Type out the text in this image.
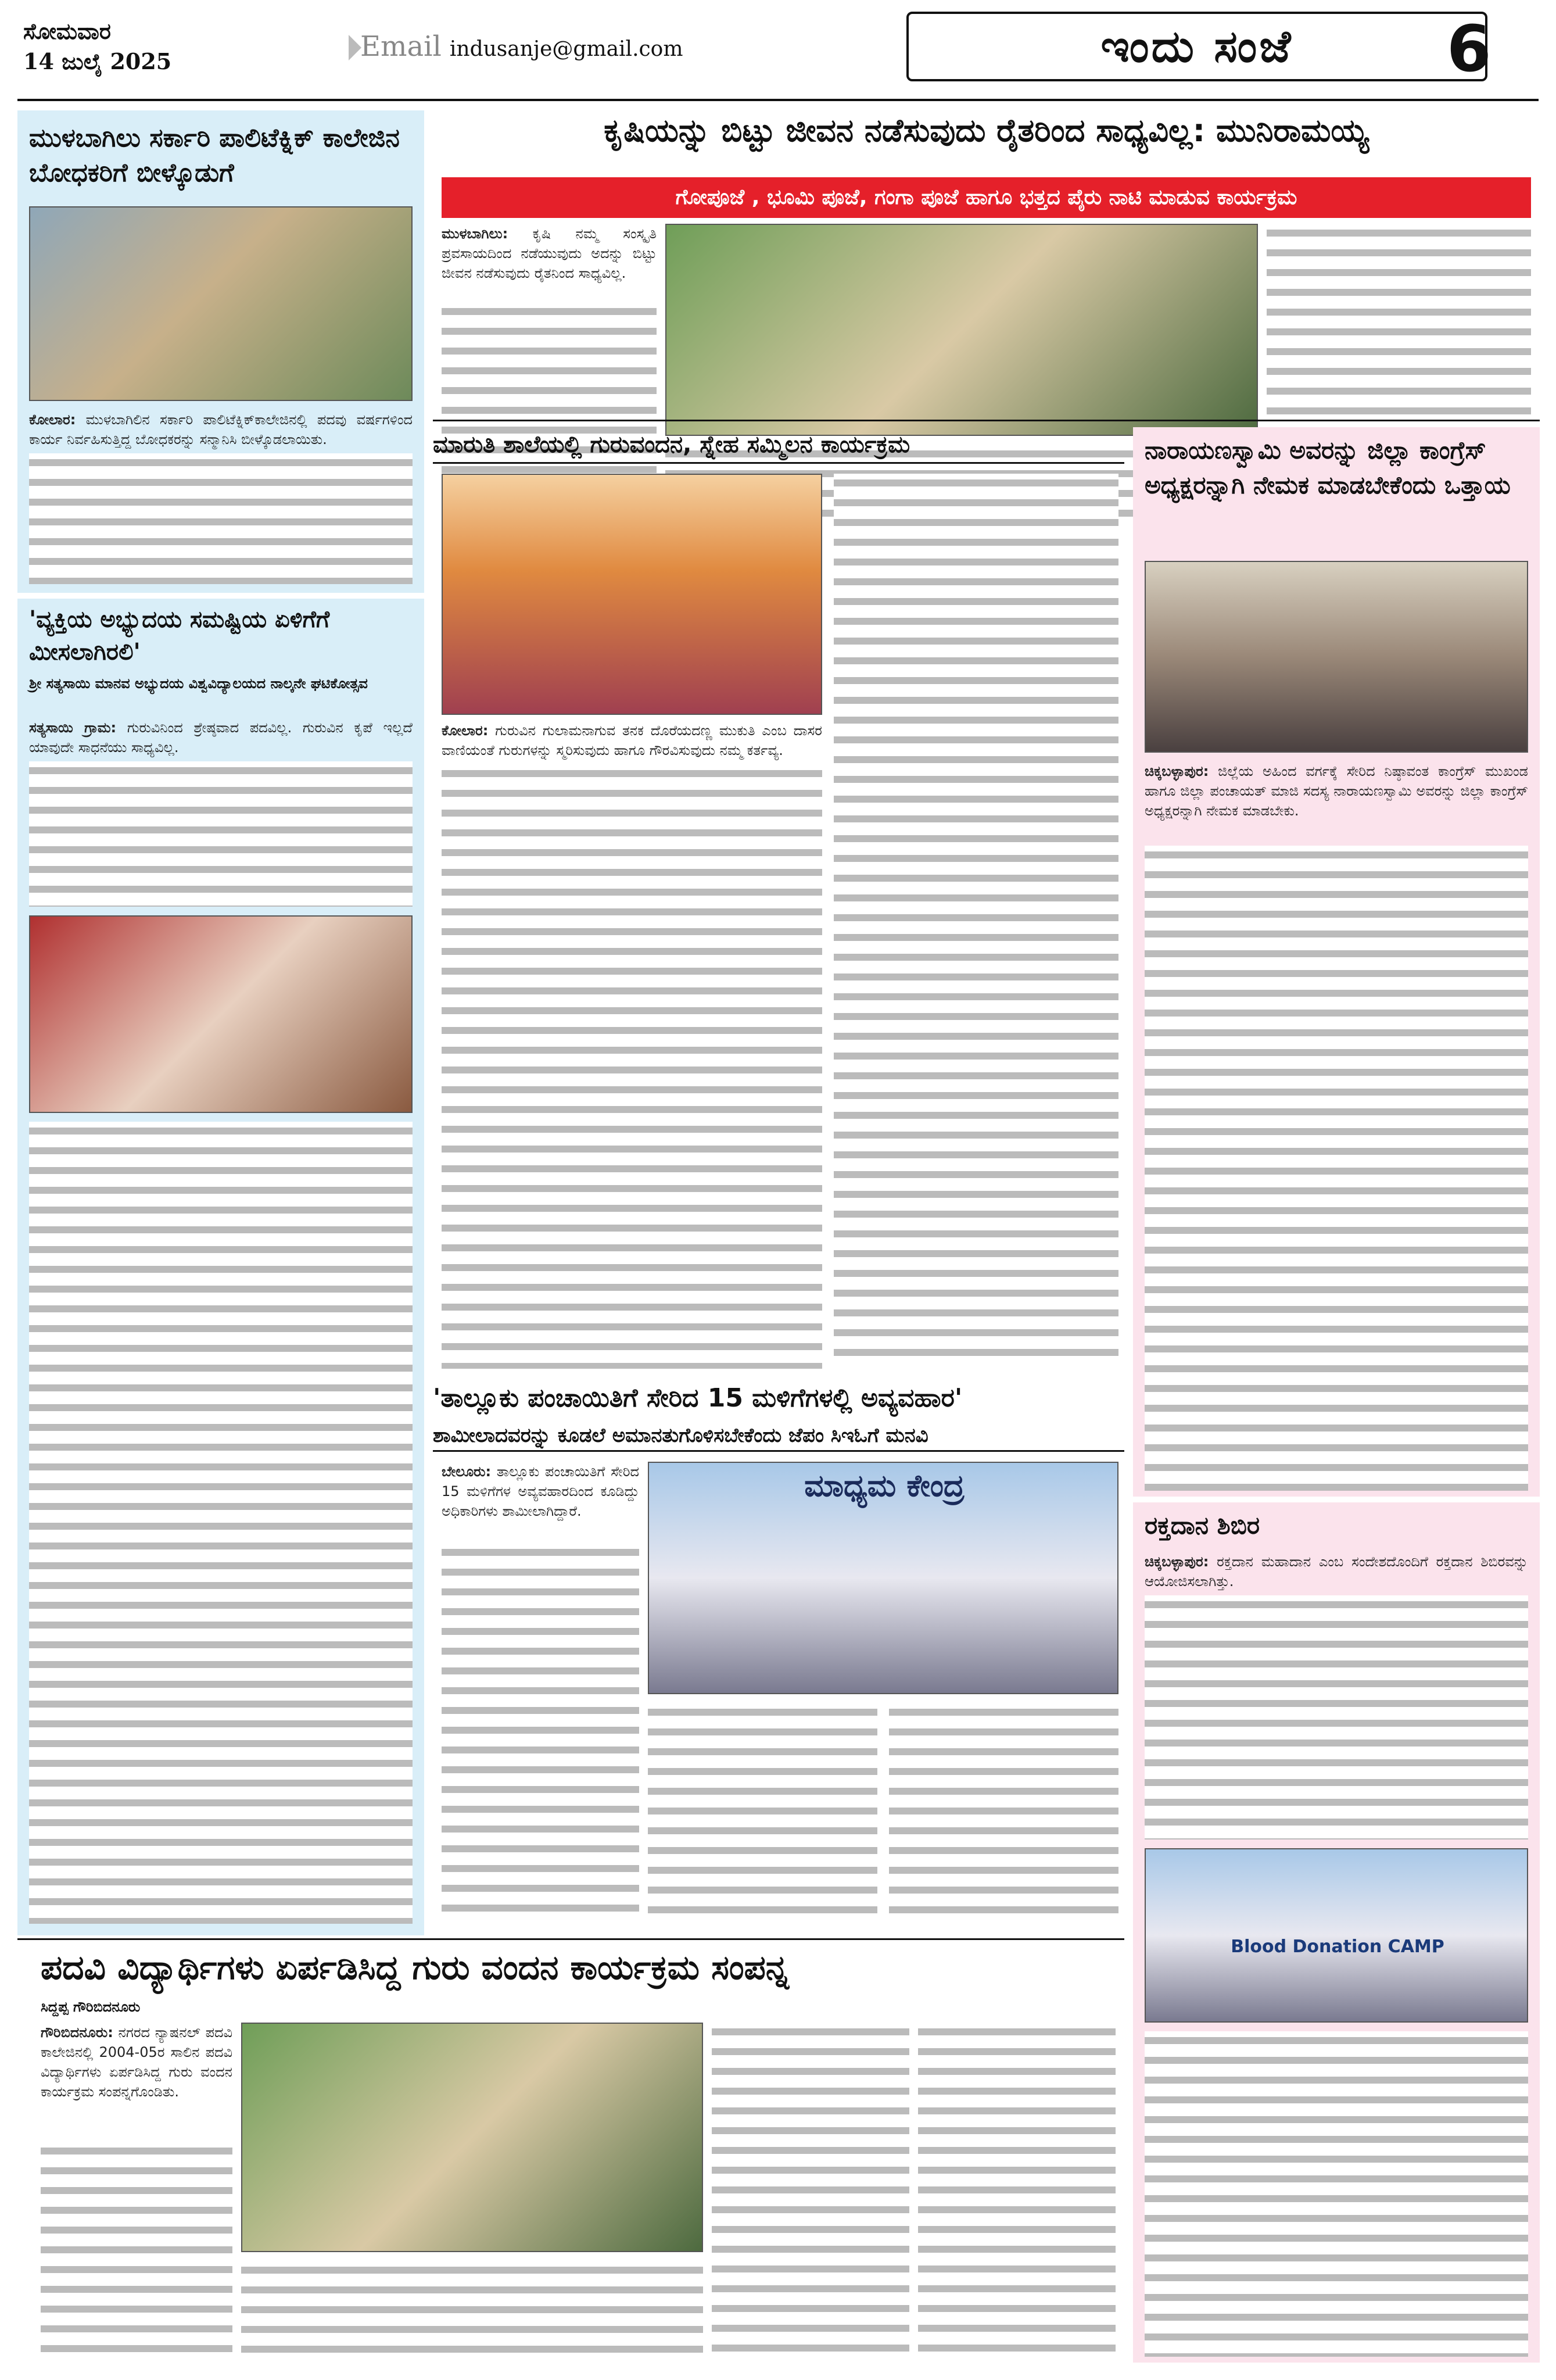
ಸೋಮವಾರ
14 ಜುಲೈ 2025	Email indusanje@gmail.com	ಇಂದು ಸಂಜೆ 6
ಮುಳಬಾಗಿಲು ಸರ್ಕಾರಿ ಪಾಲಿಟೆಕ್ನಿಕ್ ಕಾಲೇಜಿನ ಬೋಧಕರಿಗೆ ಬೀಳ್ಕೊಡುಗೆ
ಕೋಲಾರ: ಮುಳಬಾಗಿಲಿನ ಸರ್ಕಾರಿ ಪಾಲಿಟೆಕ್ನಿಕ್‌ಕಾಲೇಜಿನಲ್ಲಿ ಪದವು ವರ್ಷಗಳಿಂದ ಕಾರ್ಯ ನಿರ್ವಹಿಸುತ್ತಿದ್ದ ಬೋಧಕರನ್ನು ಸನ್ಮಾನಿಸಿ ಬೀಳ್ಕೊಡಲಾಯಿತು.
'ವ್ಯಕ್ತಿಯ ಅಭ್ಯುದಯ ಸಮಷ್ಟಿಯ ಏಳಿಗೆಗೆ ಮೀಸಲಾಗಿರಲಿ'
ಶ್ರೀ ಸತ್ಯಸಾಯಿ ಮಾನವ ಅಭ್ಯುದಯ ವಿಶ್ವವಿದ್ಯಾಲಯದ ನಾಲ್ಕನೇ ಘಟಿಕೋತ್ಸವ
ಸತ್ಯಸಾಯಿ ಗ್ರಾಮ: ಗುರುವಿನಿಂದ ಶ್ರೇಷ್ಠವಾದ ಪದವಿಲ್ಲ. ಗುರುವಿನ ಕೃಪೆ ಇಲ್ಲದೆ ಯಾವುದೇ ಸಾಧನೆಯು ಸಾಧ್ಯವಿಲ್ಲ.
ಕೃಷಿಯನ್ನು ಬಿಟ್ಟು ಜೀವನ ನಡೆಸುವುದು ರೈತರಿಂದ ಸಾಧ್ಯವಿಲ್ಲ: ಮುನಿರಾಮಯ್ಯ
ಗೋಪೂಜೆ , ಭೂಮಿ ಪೂಜೆ, ಗಂಗಾ ಪೂಜೆ ಹಾಗೂ ಭತ್ತದ ಪೈರು ನಾಟಿ ಮಾಡುವ ಕಾರ್ಯಕ್ರಮ
ಮುಳಬಾಗಿಲು: ಕೃಷಿ ನಮ್ಮ ಸಂಸ್ಕೃತಿ ಪ್ರವಸಾಯದಿಂದ ನಡೆಯುವುದು ಅದನ್ನು ಬಿಟ್ಟು ಜೀವನ ನಡೆಸುವುದು ರೈತನಿಂದ ಸಾಧ್ಯವಿಲ್ಲ.
ಮಾರುತಿ ಶಾಲೆಯಲ್ಲಿ ಗುರುವಂದನ, ಸ್ನೇಹ ಸಮ್ಮಿಲನ ಕಾರ್ಯಕ್ರಮ
ಕೋಲಾರ: ಗುರುವಿನ ಗುಲಾಮನಾಗುವ ತನಕ ದೊರೆಯದಣ್ಣ ಮುಕುತಿ ಎಂಬ ದಾಸರ ವಾಣಿಯಂತೆ ಗುರುಗಳನ್ನು ಸ್ಮರಿಸುವುದು ಹಾಗೂ ಗೌರವಿಸುವುದು ನಮ್ಮ ಕರ್ತವ್ಯ.
ನಾರಾಯಣಸ್ವಾಮಿ ಅವರನ್ನು ಜಿಲ್ಲಾ ಕಾಂಗ್ರೆಸ್ ಅಧ್ಯಕ್ಷರನ್ನಾಗಿ ನೇಮಕ ಮಾಡಬೇಕೆಂದು ಒತ್ತಾಯ
ಚಿಕ್ಕಬಳ್ಳಾಪುರ: ಜಿಲ್ಲೆಯ ಅಹಿಂದ ವರ್ಗಕ್ಕೆ ಸೇರಿದ ನಿಷ್ಠಾವಂತ ಕಾಂಗ್ರೆಸ್ ಮುಖಂಡ ಹಾಗೂ ಜಿಲ್ಲಾ ಪಂಚಾಯತ್ ಮಾಜಿ ಸದಸ್ಯ ನಾರಾಯಣಸ್ವಾಮಿ ಅವರನ್ನು ಜಿಲ್ಲಾ ಕಾಂಗ್ರೆಸ್ ಅಧ್ಯಕ್ಷರನ್ನಾಗಿ ನೇಮಕ ಮಾಡಬೇಕು.
'ತಾಲ್ಲೂಕು ಪಂಚಾಯಿತಿಗೆ ಸೇರಿದ 15 ಮಳಿಗೆಗಳಲ್ಲಿ ಅವ್ಯವಹಾರ'
ಶಾಮೀಲಾದವರನ್ನು ಕೂಡಲೆ ಅಮಾನತುಗೊಳಿಸಬೇಕೆಂದು ಜೆಪಂ ಸಿಇಓಗೆ ಮನವಿ
ಬೇಲೂರು: ತಾಲ್ಲೂಕು ಪಂಚಾಯಿತಿಗೆ ಸೇರಿದ 15 ಮಳಿಗೆಗಳ ಅವ್ಯವಹಾರದಿಂದ ಕೂಡಿದ್ದು ಅಧಿಕಾರಿಗಳು ಶಾಮೀಲಾಗಿದ್ದಾರೆ.
ಮಾಧ್ಯಮ ಕೇಂದ್ರ
ರಕ್ತದಾನ ಶಿಬಿರ
ಚಿಕ್ಕಬಳ್ಳಾಪುರ: ರಕ್ತದಾನ ಮಹಾದಾನ ಎಂಬ ಸಂದೇಶದೊಂದಿಗೆ ರಕ್ತದಾನ ಶಿಬಿರವನ್ನು ಆಯೋಜಿಸಲಾಗಿತ್ತು.
Blood Donation CAMP
ಪದವಿ ವಿದ್ಯಾರ್ಥಿಗಳು ಏರ್ಪಡಿಸಿದ್ದ ಗುರು ವಂದನ ಕಾರ್ಯಕ್ರಮ ಸಂಪನ್ನ
ಸಿದ್ದಪ್ಪ ಗೌರಿಬಿದನೂರು
ಗೌರಿಬಿದನೂರು: ನಗರದ ನ್ಯಾಷನಲ್ ಪದವಿ ಕಾಲೇಜಿನಲ್ಲಿ 2004-05ರ ಸಾಲಿನ ಪದವಿ ವಿದ್ಯಾರ್ಥಿಗಳು ಏರ್ಪಡಿಸಿದ್ದ ಗುರು ವಂದನ ಕಾರ್ಯಕ್ರಮ ಸಂಪನ್ನಗೊಂಡಿತು.
